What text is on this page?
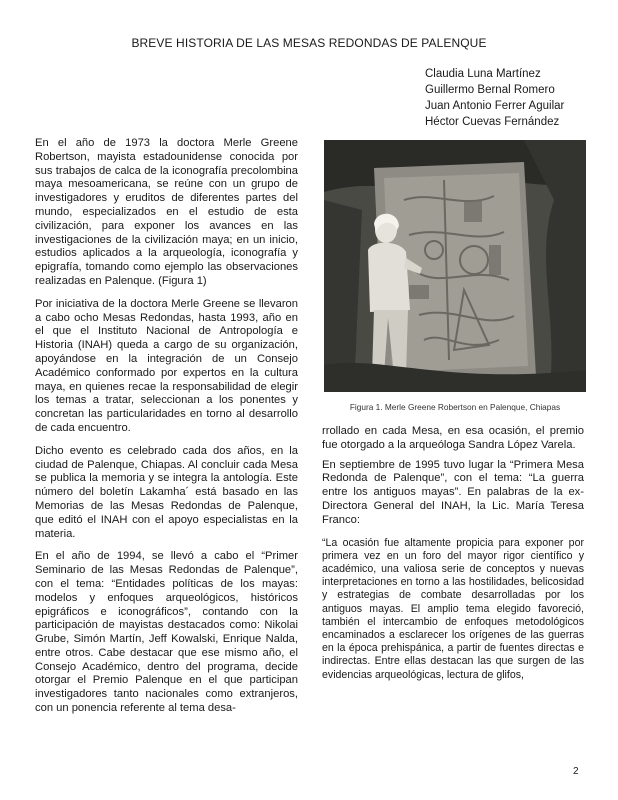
BREVE HISTORIA DE LAS MESAS REDONDAS DE PALENQUE
Claudia Luna Martínez
Guillermo Bernal Romero
Juan Antonio Ferrer Aguilar
Héctor Cuevas Fernández

En el año de 1973 la doctora Merle Greene Robertson, mayista estadounidense conocida por sus trabajos de calca de la iconografía precolombina maya mesoamericana, se reúne con un grupo de investigadores y eruditos de diferentes partes del mundo, especializados en el estudio de esta civilización, para exponer los avances en las investigaciones de la civilización maya; en un inicio, estudios aplicados a la arqueología, iconografía y epigrafía, tomando como ejemplo las observaciones realizadas en Palenque. (Figura 1)

Por iniciativa de la doctora Merle Greene se llevaron a cabo ocho Mesas Redondas, hasta 1993, año en el que el Instituto Nacional de Antropología e Historia (INAH) queda a cargo de su organización, apoyándose en la integración de un Consejo Académico conformado por expertos en la cultura maya, en quienes recae la responsabilidad de elegir los temas a tratar, seleccionan a los ponentes y concretan las particularidades en torno al desarrollo de cada encuentro.

Dicho evento es celebrado cada dos años, en la ciudad de Palenque, Chiapas. Al concluir cada Mesa se publica la memoria y se integra la antología. Este número del boletín Lakamha´ está basado en las Memorias de las Mesas Redondas de Palenque, que editó el INAH con el apoyo especialistas en la materia.

En el año de 1994, se llevó a cabo el “Primer Seminario de las Mesas Redondas de Palenque”, con el tema: “Entidades políticas de los mayas: modelos y enfoques arqueológicos, históricos epigráficos e iconográficos”, contando con la participación de mayistas destacados como: Nikolai Grube, Simón Martín, Jeff Kowalski, Enrique Nalda, entre otros. Cabe destacar que ese mismo año, el Consejo Académico, dentro del programa, decide otorgar el Premio Palenque en el que participan investigadores tanto nacionales como extranjeros, con un ponencia referente al tema desa-

Figura 1. Merle Greene Robertson en Palenque, Chiapas

rrollado en cada Mesa, en esa ocasión, el premio fue otorgado a la arqueóloga Sandra López Varela.

En septiembre de 1995 tuvo lugar la “Primera Mesa Redonda de Palenque”, con el tema: “La guerra entre los antiguos mayas”. En palabras de la ex-Directora General del INAH, la Lic. María Teresa Franco:

“La ocasión fue altamente propicia para exponer por primera vez en un foro del mayor rigor científico y académico, una valiosa serie de conceptos y nuevas interpretaciones en torno a las hostilidades, belicosidad y estrategias de combate desarrolladas por los antiguos mayas. El amplio tema elegido favoreció, también el intercambio de enfoques metodológicos encaminados a esclarecer los orígenes de las guerras en la época prehispánica, a partir de fuentes directas e indirectas. Entre ellas destacan las que surgen de las evidencias arqueológicas, lectura de glifos,

2
